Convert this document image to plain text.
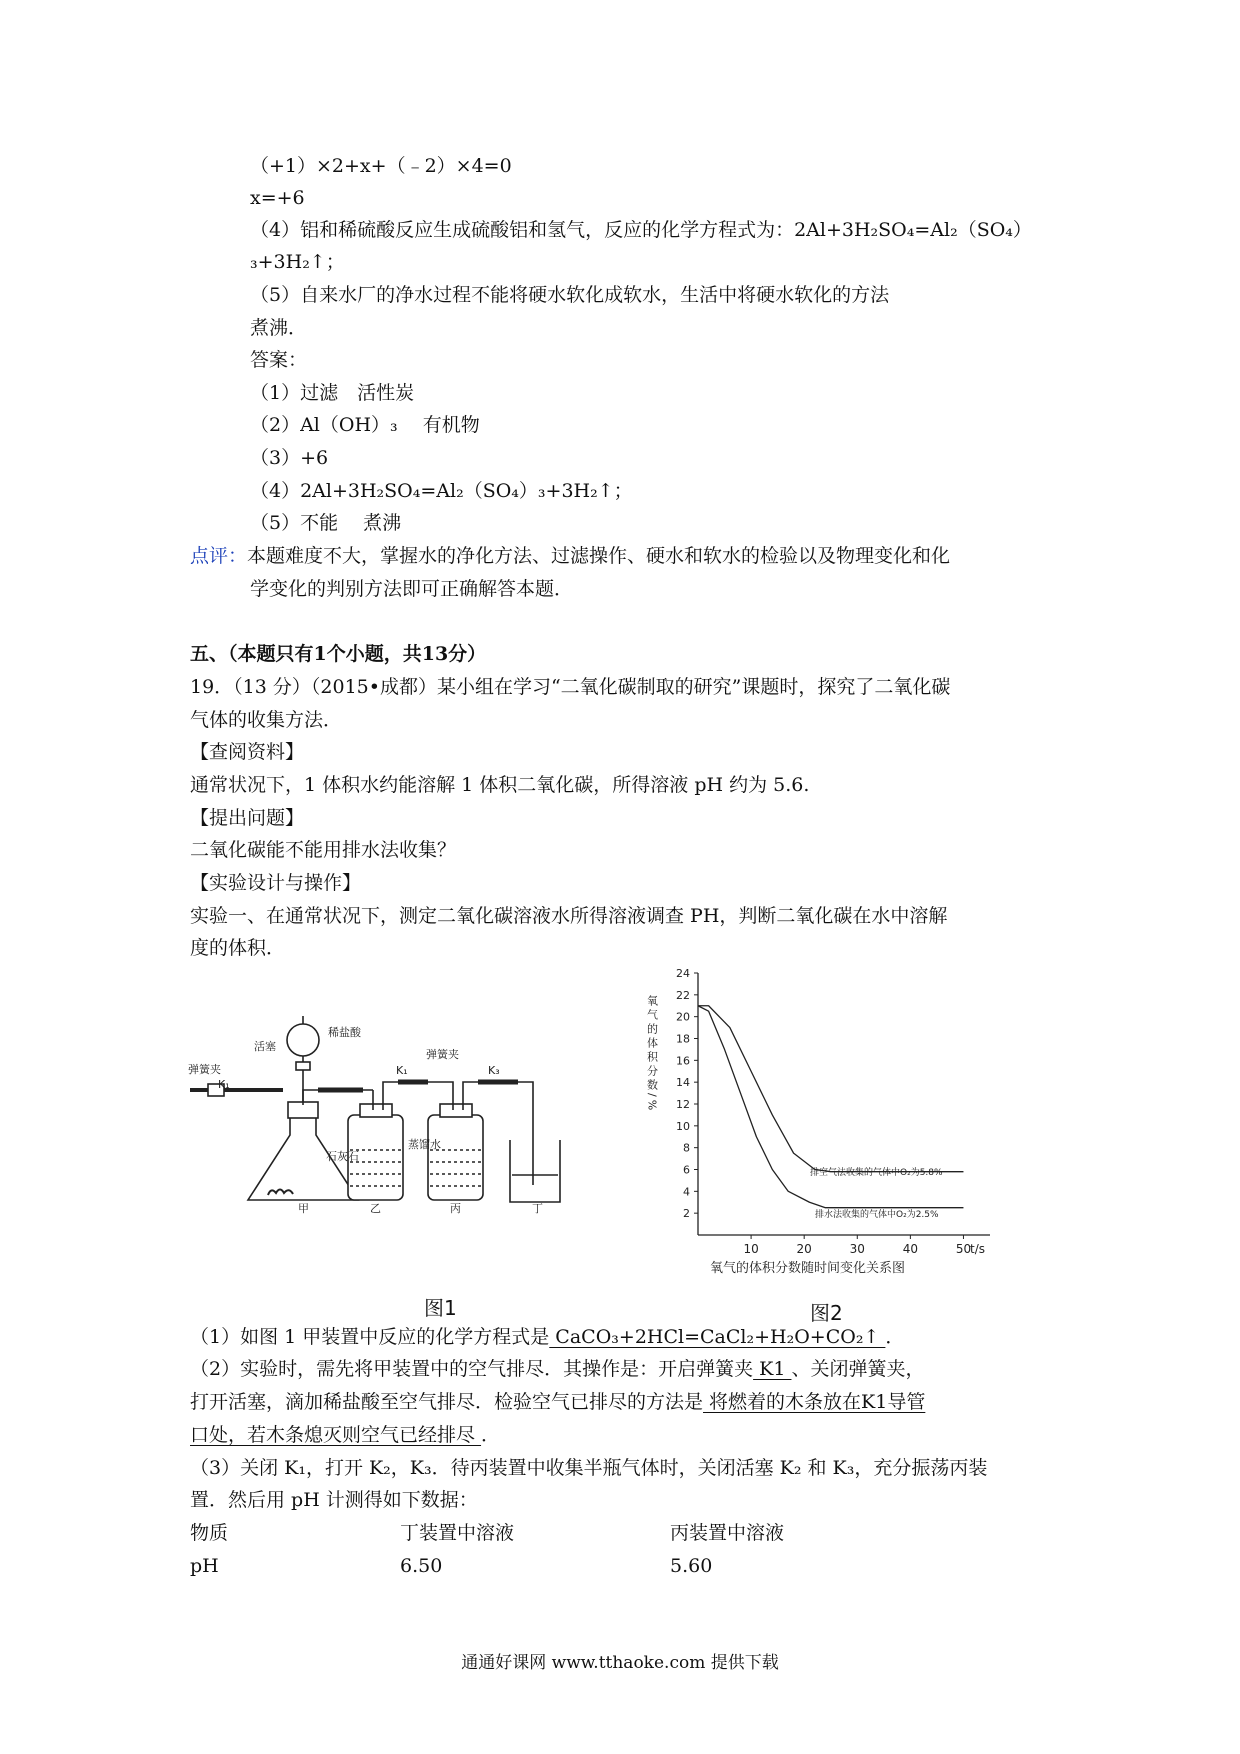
（+1）×2+x+（﹣2）×4=0
x=+6
（4）铝和稀硫酸反应生成硫酸铝和氢气，反应的化学方程式为：2Al+3H₂SO₄=Al₂（SO₄）
₃+3H₂↑；
（5）自来水厂的净水过程不能将硬水软化成软水，生活中将硬水软化的方法
煮沸．
答案：
（1）过滤　活性炭
（2）Al（OH）₃　 有机物
（3）+6
（4）2Al+3H₂SO₄=Al₂（SO₄）₃+3H₂↑；
（5）不能　 煮沸
点评：本题难度不大，掌握水的净化方法、过滤操作、硬水和软水的检验以及物理变化和化
学变化的判别方法即可正确解答本题．
五、（本题只有1个小题，共13分）
19．（13 分）（2015•成都）某小组在学习“二氧化碳制取的研究”课题时，探究了二氧化碳
气体的收集方法．
【查阅资料】
通常状况下，1 体积水约能溶解 1 体积二氧化碳，所得溶液 pH 约为 5.6.
【提出问题】
二氧化碳能不能用排水法收集？
【实验设计与操作】
实验一、在通常状况下，测定二氧化碳溶液水所得溶液调查 PH，判断二氧化碳在水中溶解
度的体积．
弹簧夹
K₁
活塞
稀盐酸
弹簧夹
K₁	K₃
石灰石
蒸馏水
甲	乙	丙	丁
图1
氧气的体积分数/%
t/s
氧气的体积分数随时间变化关系图
2
4
6
8
10
12
14
16
18
20
22
24
10	20	30	40	50
排空气法收集的气体中O₂为5.8%
排水法收集的气体中O₂为2.5%
图2
（1）如图 1 甲装置中反应的化学方程式是 CaCO₃+2HCl=CaCl₂+H₂O+CO₂↑ ．
（2）实验时，需先将甲装置中的空气排尽．其操作是：开启弹簧夹 K1 、关闭弹簧夹，
打开活塞，滴加稀盐酸至空气排尽．检验空气已排尽的方法是 将燃着的木条放在K1导管
口处，若木条熄灭则空气已经排尽 ．
（3）关闭 K₁，打开 K₂，K₃．待丙装置中收集半瓶气体时，关闭活塞 K₂ 和 K₃，充分振荡丙装
置．然后用 pH 计测得如下数据：
物质	丁装置中溶液	丙装置中溶液
pH	6.50	5.60
通通好课网 www.tthaoke.com 提供下载
